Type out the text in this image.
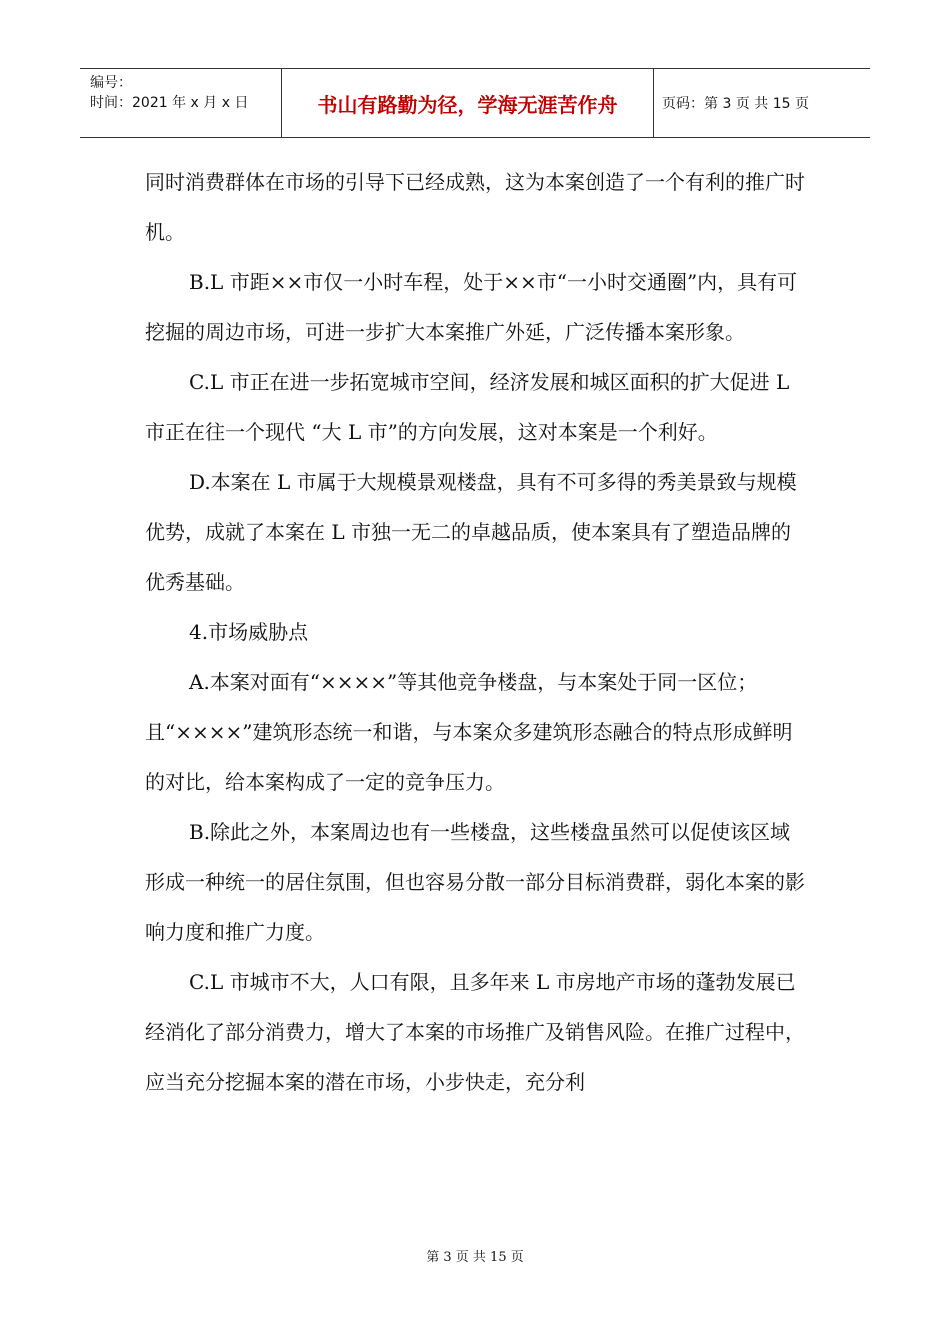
编号：
时间：2021 年 x 月 x 日	书山有路勤为径，学海无涯苦作舟	页码：第 3 页 共 15 页

同时消费群体在市场的引导下已经成熟，这为本案创造了一个有利的推广时机。

B.L 市距××市仅一小时车程，处于××市“一小时交通圈”内，具有可挖掘的周边市场，可进一步扩大本案推广外延，广泛传播本案形象。

C.L 市正在进一步拓宽城市空间，经济发展和城区面积的扩大促进 L 市正在往一个现代 “大 L 市”的方向发展，这对本案是一个利好。

D.本案在 L 市属于大规模景观楼盘，具有不可多得的秀美景致与规模优势，成就了本案在 L 市独一无二的卓越品质，使本案具有了塑造品牌的优秀基础。

4.市场威胁点

A.本案对面有“××××”等其他竞争楼盘，与本案处于同一区位；且“××××”建筑形态统一和谐，与本案众多建筑形态融合的特点形成鲜明的对比，给本案构成了一定的竞争压力。

B.除此之外，本案周边也有一些楼盘，这些楼盘虽然可以促使该区域形成一种统一的居住氛围，但也容易分散一部分目标消费群，弱化本案的影响力度和推广力度。

C.L 市城市不大，人口有限，且多年来 L 市房地产市场的蓬勃发展已经消化了部分消费力，增大了本案的市场推广及销售风险。在推广过程中，应当充分挖掘本案的潜在市场，小步快走，充分利

第 3 页 共 15 页
